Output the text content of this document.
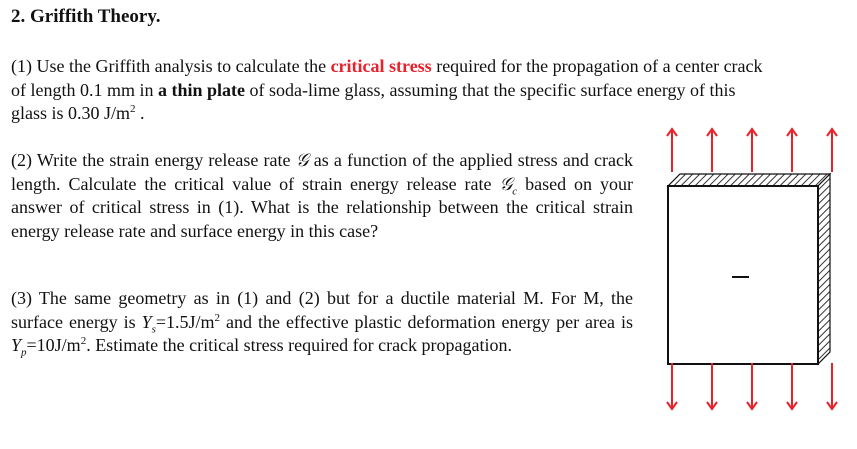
2. Griffith Theory.

(1) Use the Griffith analysis to calculate the critical stress required for the propagation of a center crack of length 0.1 mm in a thin plate of soda-lime glass, assuming that the specific surface energy of this glass is 0.30 $J/m^2$ .

(2) Write the strain energy release rate 𝒢 as a function of the applied stress and crack length. Calculate the critical value of strain energy release rate 𝒢$_c$ based on your answer of critical stress in (1). What is the relationship between the critical strain energy release rate and surface energy in this case?

(3) The same geometry as in (1) and (2) but for a ductile material M. For M, the surface energy is $\Upsilon_s=1.5J/m^2$ and the effective plastic deformation energy per area is $\Upsilon_p=10J/m^2$. Estimate the critical stress required for crack propagation.
